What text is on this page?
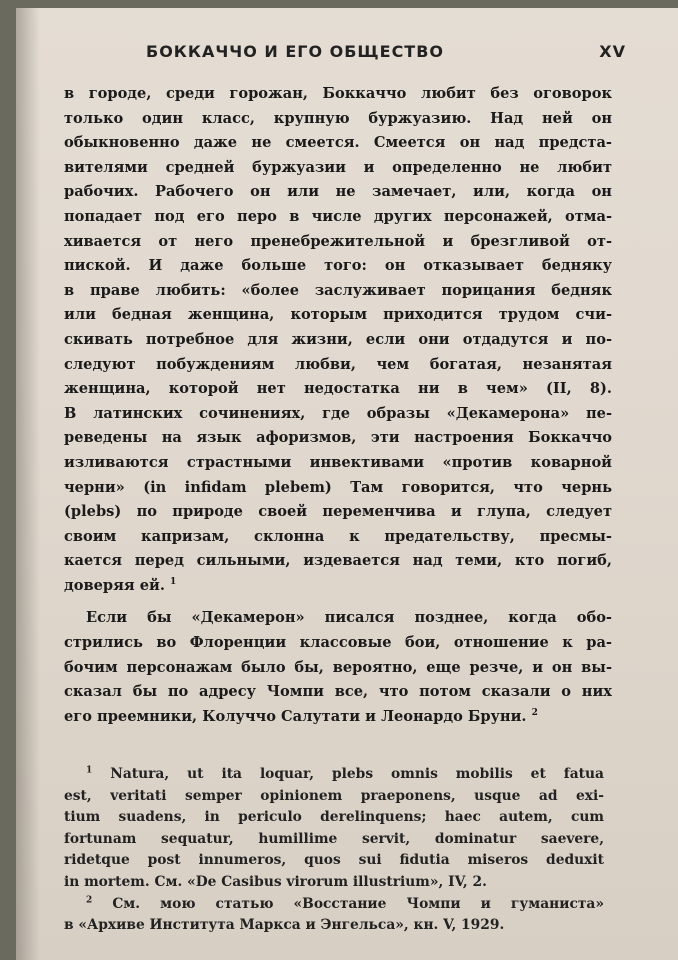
БОККАЧЧО И ЕГО ОБЩЕСТВО	XV
в городе, среди горожан, Боккаччо любит без оговорок
только один класс, крупную буржуазию. Над ней он
обыкновенно даже не смеется. Смеется он над предста-
вителями средней буржуазии и определенно не любит
рабочих. Рабочего он или не замечает, или, когда он
попадает под его перо в числе других персонажей, отма-
хивается от него пренебрежительной и брезгливой от-
пиской. И даже больше того: он отказывает бедняку
в праве любить: «более заслуживает порицания бедняк
или бедная женщина, которым приходится трудом счи-
скивать потребное для жизни, если они отдадутся и по-
следуют побуждениям любви, чем богатая, незанятая
женщина, которой нет недостатка ни в чем» (II, 8).
В латинских сочинениях, где образы «Декамерона» пе-
реведены на язык афоризмов, эти настроения Боккаччо
изливаются страстными инвективами «против коварной
черни» (in infidam plebem) Там говорится, что чернь
(plebs) по природе своей переменчива и глупа, следует
своим капризам, склонна к предательству, пресмы-
кается перед сильными, издевается над теми, кто погиб,
доверяя ей. $^1$
Если бы «Декамерон» писался позднее, когда обо-
стрились во Флоренции классовые бои, отношение к ра-
бочим персонажам было бы, вероятно, еще резче, и он вы-
сказал бы по адресу Чомпи все, что потом сказали о них
его преемники, Колуччо Салутати и Леонардо Бруни. $^2$
$^1$ Natura, ut ita loquar, plebs omnis mobilis et fatua
est, veritati semper opinionem praeponens, usque ad exi-
tium suadens, in periculo derelinquens; haec autem, cum
fortunam sequatur, humillime servit, dominatur saevere,
ridetque post innumeros, quos sui fidutia miseros deduxit
in mortem. См. «De Casibus virorum illustrium», IV, 2.
$^2$ См. мою статью «Восстание Чомпи и гуманиста»
в «Архиве Института Маркса и Энгельса», кн. V, 1929.
